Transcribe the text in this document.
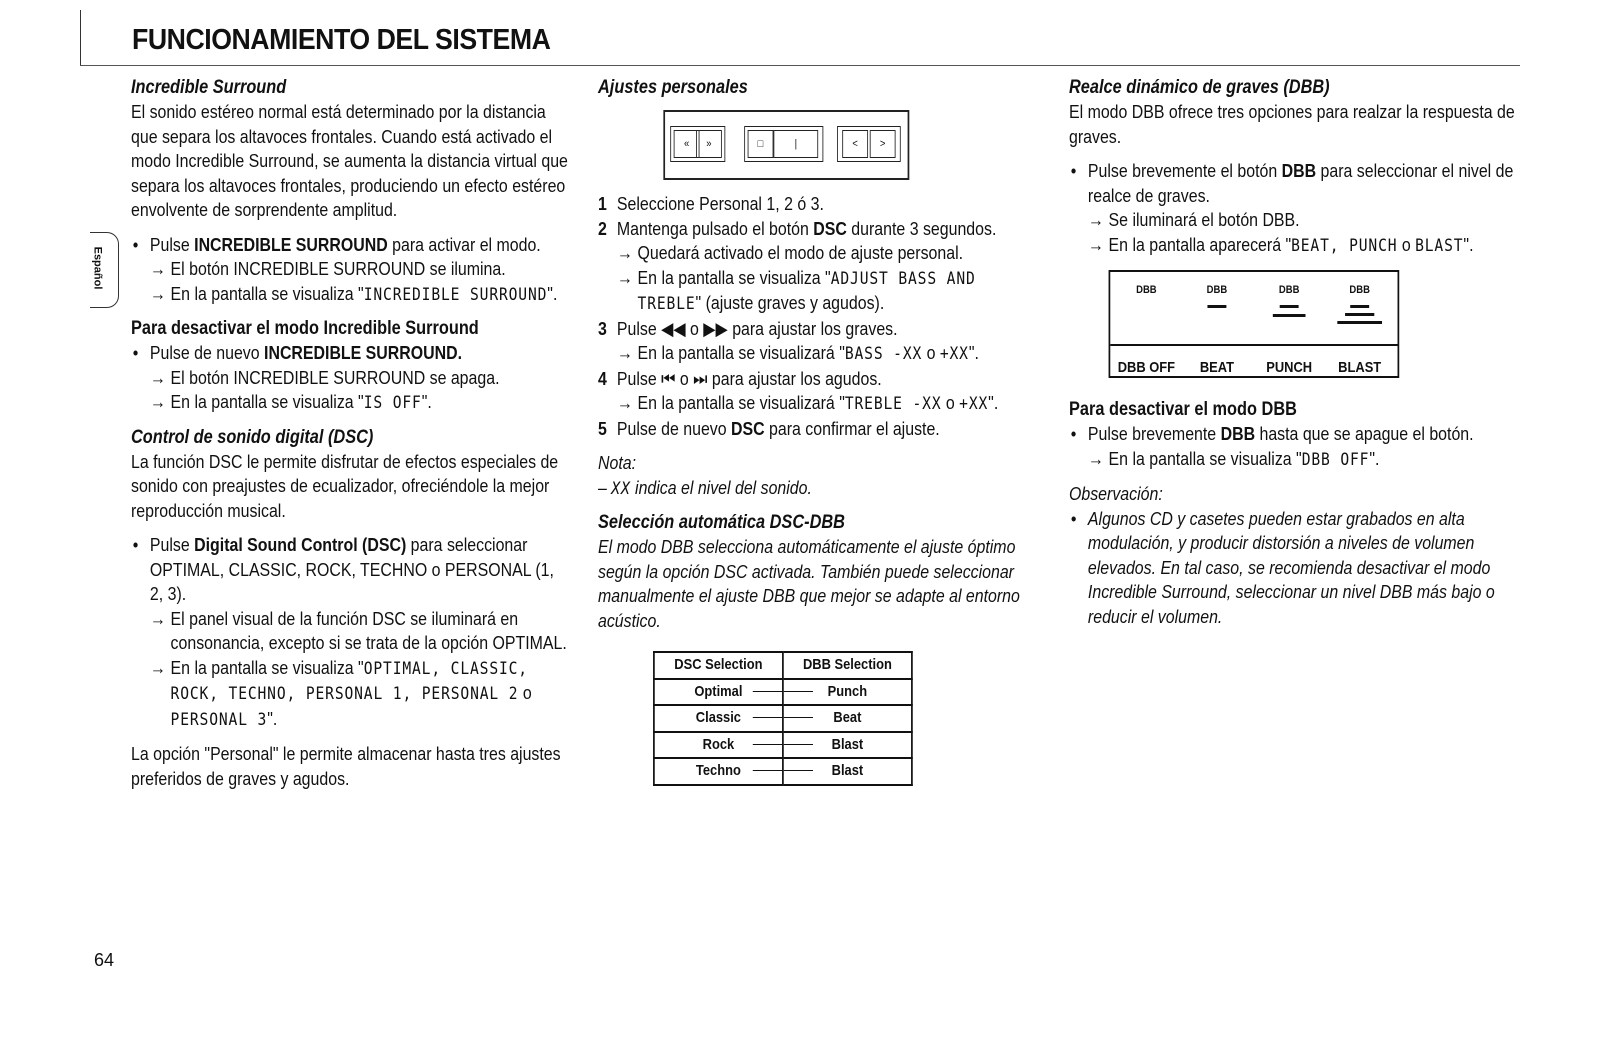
FUNCIONAMIENTO DEL SISTEMA
Español
Incredible Surround

El sonido estéreo normal está determinado por la distancia que separa los altavoces frontales. Cuando está activado el modo Incredible Surround, se aumenta la distancia virtual que separa los altavoces frontales, produciendo un efecto estéreo envolvente de sorprendente amplitud.

• Pulse INCREDIBLE SURROUND para activar el modo.
→ El botón INCREDIBLE SURROUND se ilumina.
→ En la pantalla se visualiza "INCREDIBLE SURROUND".
Para desactivar el modo Incredible Surround
• Pulse de nuevo INCREDIBLE SURROUND.
→ El botón INCREDIBLE SURROUND se apaga.
→ En la pantalla se visualiza "IS OFF".
Control de sonido digital (DSC)

La función DSC le permite disfrutar de efectos especiales de sonido con preajustes de ecualizador, ofreciéndole la mejor reproducción musical.

• Pulse Digital Sound Control (DSC) para seleccionar OPTIMAL, CLASSIC, ROCK, TECHNO o PERSONAL (1, 2, 3).
→ El panel visual de la función DSC se iluminará en consonancia, excepto si se trata de la opción OPTIMAL.
→ En la pantalla se visualiza "OPTIMAL, CLASSIC, ROCK, TECHNO, PERSONAL 1, PERSONAL 2 o PERSONAL 3".

La opción "Personal" le permite almacenar hasta tres ajustes preferidos de graves y agudos.

Ajustes personales
«	»	□	|	<	>
1 Seleccione Personal 1, 2 ó 3.
2 Mantenga pulsado el botón DSC durante 3 segundos.
→ Quedará activado el modo de ajuste personal.
→ En la pantalla se visualiza "ADJUST BASS AND TREBLE" (ajuste graves y agudos).
3 Pulse ◀◀ o ▶▶ para ajustar los graves.
→ En la pantalla se visualizará "BASS -XX o +XX".
4 Pulse ⏮ o ⏭ para ajustar los agudos.
→ En la pantalla se visualizará "TREBLE -XX o +XX".
5 Pulse de nuevo DSC para confirmar el ajuste.

Nota:

– XX indica el nivel del sonido.

Selección automática DSC-DBB

El modo DBB selecciona automáticamente el ajuste óptimo según la opción DSC activada. También puede seleccionar manualmente el ajuste DBB que mejor se adapte al entorno acústico.

DSC Selection	DBB Selection
Optimal	Punch
Classic	Beat
Rock	Blast
Techno	Blast
Realce dinámico de graves (DBB)

El modo DBB ofrece tres opciones para realzar la respuesta de graves.

• Pulse brevemente el botón DBB para seleccionar el nivel de realce de graves.
→ Se iluminará el botón DBB.
→ En la pantalla aparecerá "BEAT, PUNCH o BLAST".
DBB
DBB OFF
DBB
BEAT
DBB
PUNCH
DBB
BLAST
Para desactivar el modo DBB
• Pulse brevemente DBB hasta que se apague el botón.
→ En la pantalla se visualiza "DBB OFF".

Observación:

• Algunos CD y casetes pueden estar grabados en alta modulación, y producir distorsión a niveles de volumen elevados. En tal caso, se recomienda desactivar el modo Incredible Surround, seleccionar un nivel DBB más bajo o reducir el volumen.
64
